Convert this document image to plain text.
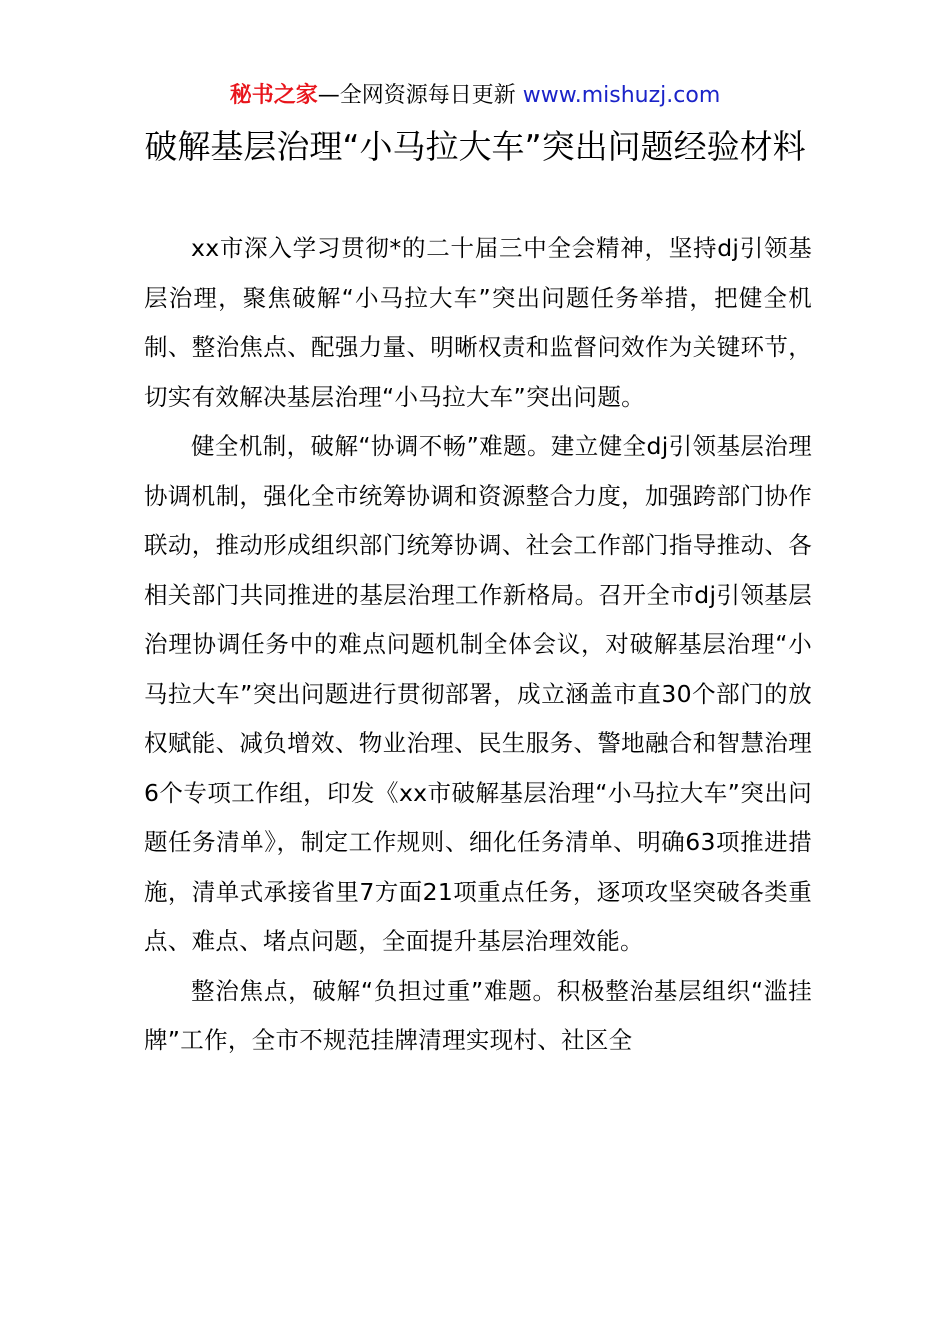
秘书之家—全网资源每日更新 www.mishuzj.com
破解基层治理“小马拉大车”突出问题经验材料

xx市深入学习贯彻*的二十届三中全会精神，坚持dj引领基层治理，聚焦破解“小马拉大车”突出问题任务举措，把健全机制、整治焦点、配强力量、明晰权责和监督问效作为关键环节，切实有效解决基层治理“小马拉大车”突出问题。

健全机制，破解“协调不畅”难题。建立健全dj引领基层治理协调机制，强化全市统筹协调和资源整合力度，加强跨部门协作联动，推动形成组织部门统筹协调、社会工作部门指导推动、各相关部门共同推进的基层治理工作新格局。召开全市dj引领基层治理协调任务中的难点问题机制全体会议，对破解基层治理“小马拉大车”突出问题进行贯彻部署，成立涵盖市直30个部门的放权赋能、减负增效、物业治理、民生服务、警地融合和智慧治理6个专项工作组，印发《xx市破解基层治理“小马拉大车”突出问题任务清单》，制定工作规则、细化任务清单、明确63项推进措施，清单式承接省里7方面21项重点任务，逐项攻坚突破各类重点、难点、堵点问题，全面提升基层治理效能。

整治焦点，破解“负担过重”难题。积极整治基层组织“滥挂牌”工作，全市不规范挂牌清理实现村、社区全
